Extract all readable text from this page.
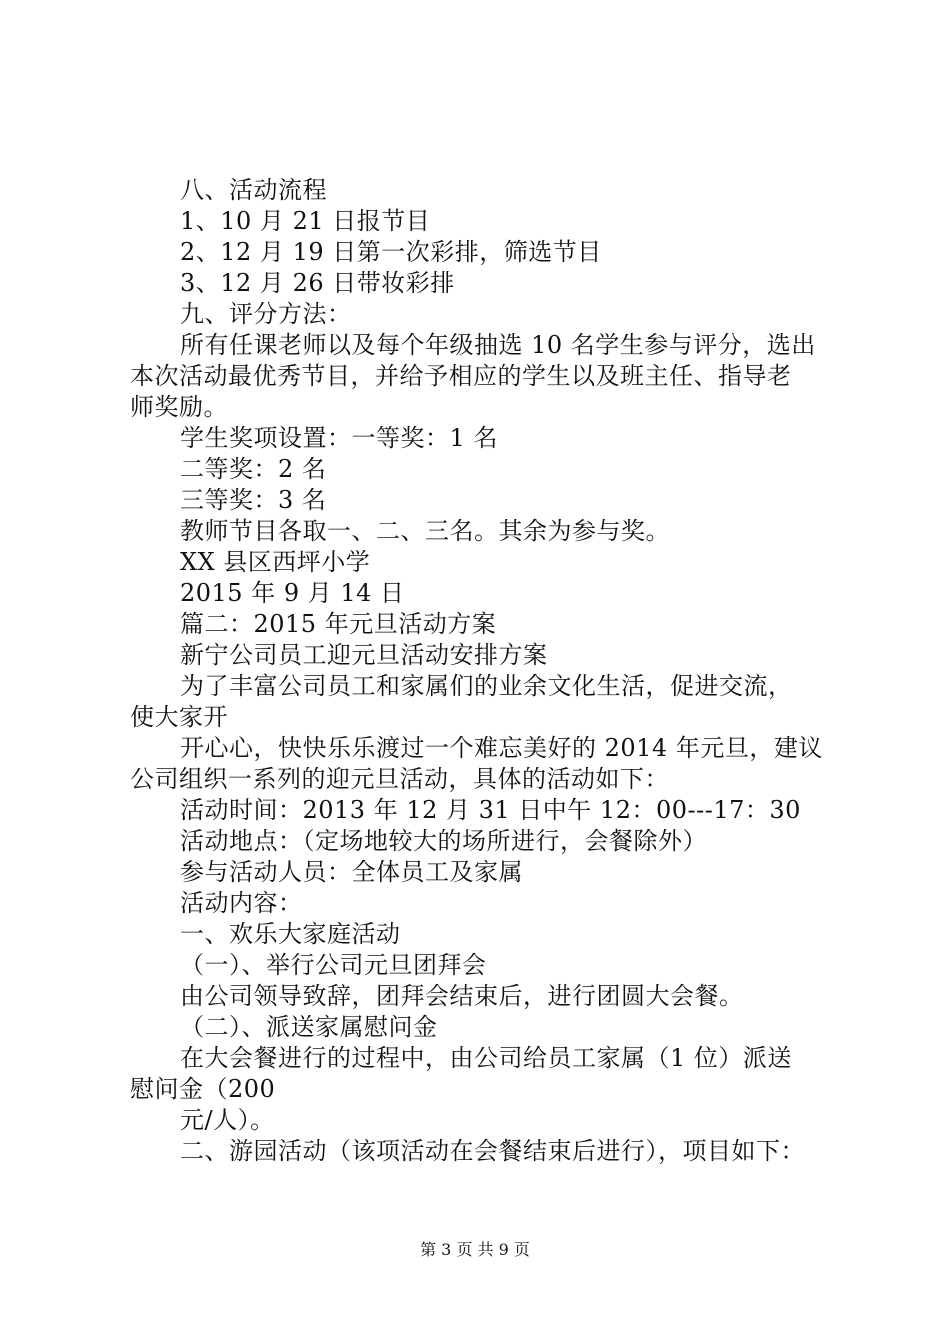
八、活动流程
1、10 月 21 日报节目
2、12 月 19 日第一次彩排，筛选节目
3、12 月 26 日带妆彩排
九、评分方法：
所有任课老师以及每个年级抽选 10 名学生参与评分，选出
本次活动最优秀节目，并给予相应的学生以及班主任、指导老
师奖励。
学生奖项设置：一等奖：1 名
二等奖：2 名
三等奖：3 名
教师节目各取一、二、三名。其余为参与奖。
XX 县区西坪小学
2015 年 9 月 14 日
篇二：2015 年元旦活动方案
新宁公司员工迎元旦活动安排方案
为了丰富公司员工和家属们的业余文化生活，促进交流，
使大家开
开心心，快快乐乐渡过一个难忘美好的 2014 年元旦，建议
公司组织一系列的迎元旦活动，具体的活动如下：
活动时间：2013 年 12 月 31 日中午 12：00---17：30
活动地点：（定场地较大的场所进行，会餐除外）
参与活动人员：全体员工及家属
活动内容：
一、欢乐大家庭活动
（一）、举行公司元旦团拜会
由公司领导致辞，团拜会结束后，进行团圆大会餐。
（二）、派送家属慰问金
在大会餐进行的过程中，由公司给员工家属（1 位）派送
慰问金（200
元/人）。
二、游园活动（该项活动在会餐结束后进行），项目如下：
第 3 页 共 9 页
